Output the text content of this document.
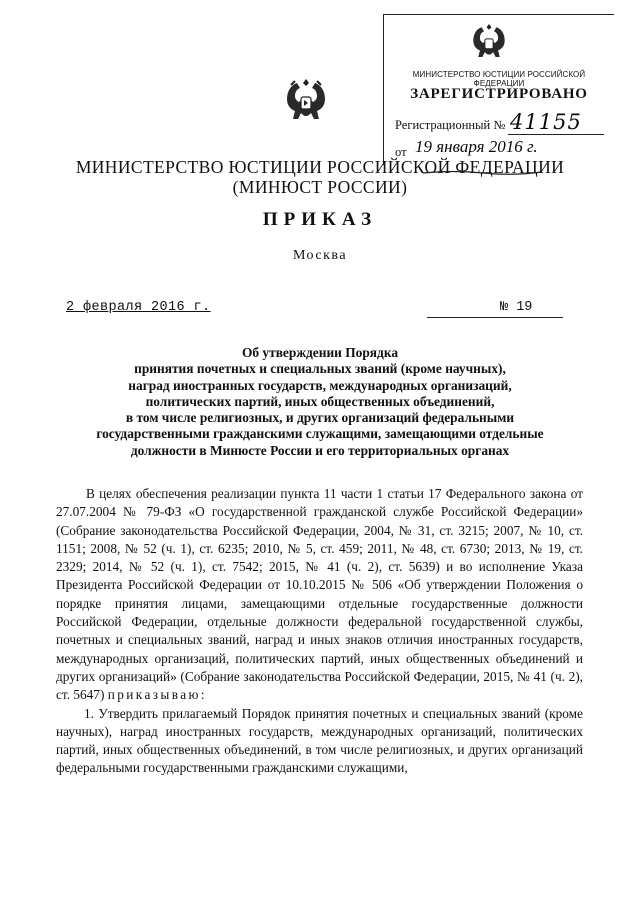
МИНИСТЕРСТВО ЮСТИЦИИ РОССИЙСКОЙ ФЕДЕРАЦИИ
ЗАРЕГИСТРИРОВАНО
Регистрационный № 41155
от 19 января 2016 г.
МИНИСТЕРСТВО ЮСТИЦИИ РОССИЙСКОЙ ФЕДЕРАЦИИ
(МИНЮСТ РОССИИ)
ПРИКАЗ
Москва
2 февраля 2016 г.	№ 19
Об утверждении Порядка
принятия почетных и специальных званий (кроме научных),
наград иностранных государств, международных организаций,
политических партий, иных общественных объединений,
в том числе религиозных, и других организаций федеральными
государственными гражданскими служащими, замещающими отдельные
должности в Минюсте России и его территориальных органах

В целях обеспечения реализации пункта 11 части 1 статьи 17 Федерального закона от 27.07.2004 № 79-ФЗ «О государственной гражданской службе Российской Федерации» (Собрание законодательства Российской Федерации, 2004, № 31, ст. 3215; 2007, № 10, ст. 1151; 2008, № 52 (ч. 1), ст. 6235; 2010, № 5, ст. 459; 2011, № 48, ст. 6730; 2013, № 19, ст. 2329; 2014, № 52 (ч. 1), ст. 7542; 2015, № 41 (ч. 2), ст. 5639) и во исполнение Указа Президента Российской Федерации от 10.10.2015 № 506 «Об утверждении Положения о порядке принятия лицами, замещающими отдельные государственные должности Российской Федерации, отдельные должности федеральной государственной службы, почетных и специальных званий, наград и иных знаков отличия иностранных государств, международных организаций, политических партий, иных общественных объединений и других организаций» (Собрание законодательства Российской Федерации, 2015, № 41 (ч. 2), ст. 5647) приказываю:

1. Утвердить прилагаемый Порядок принятия почетных и специальных званий (кроме научных), наград иностранных государств, международных организаций, политических партий, иных общественных объединений, в том числе религиозных, и других организаций федеральными государственными гражданскими служащими,
